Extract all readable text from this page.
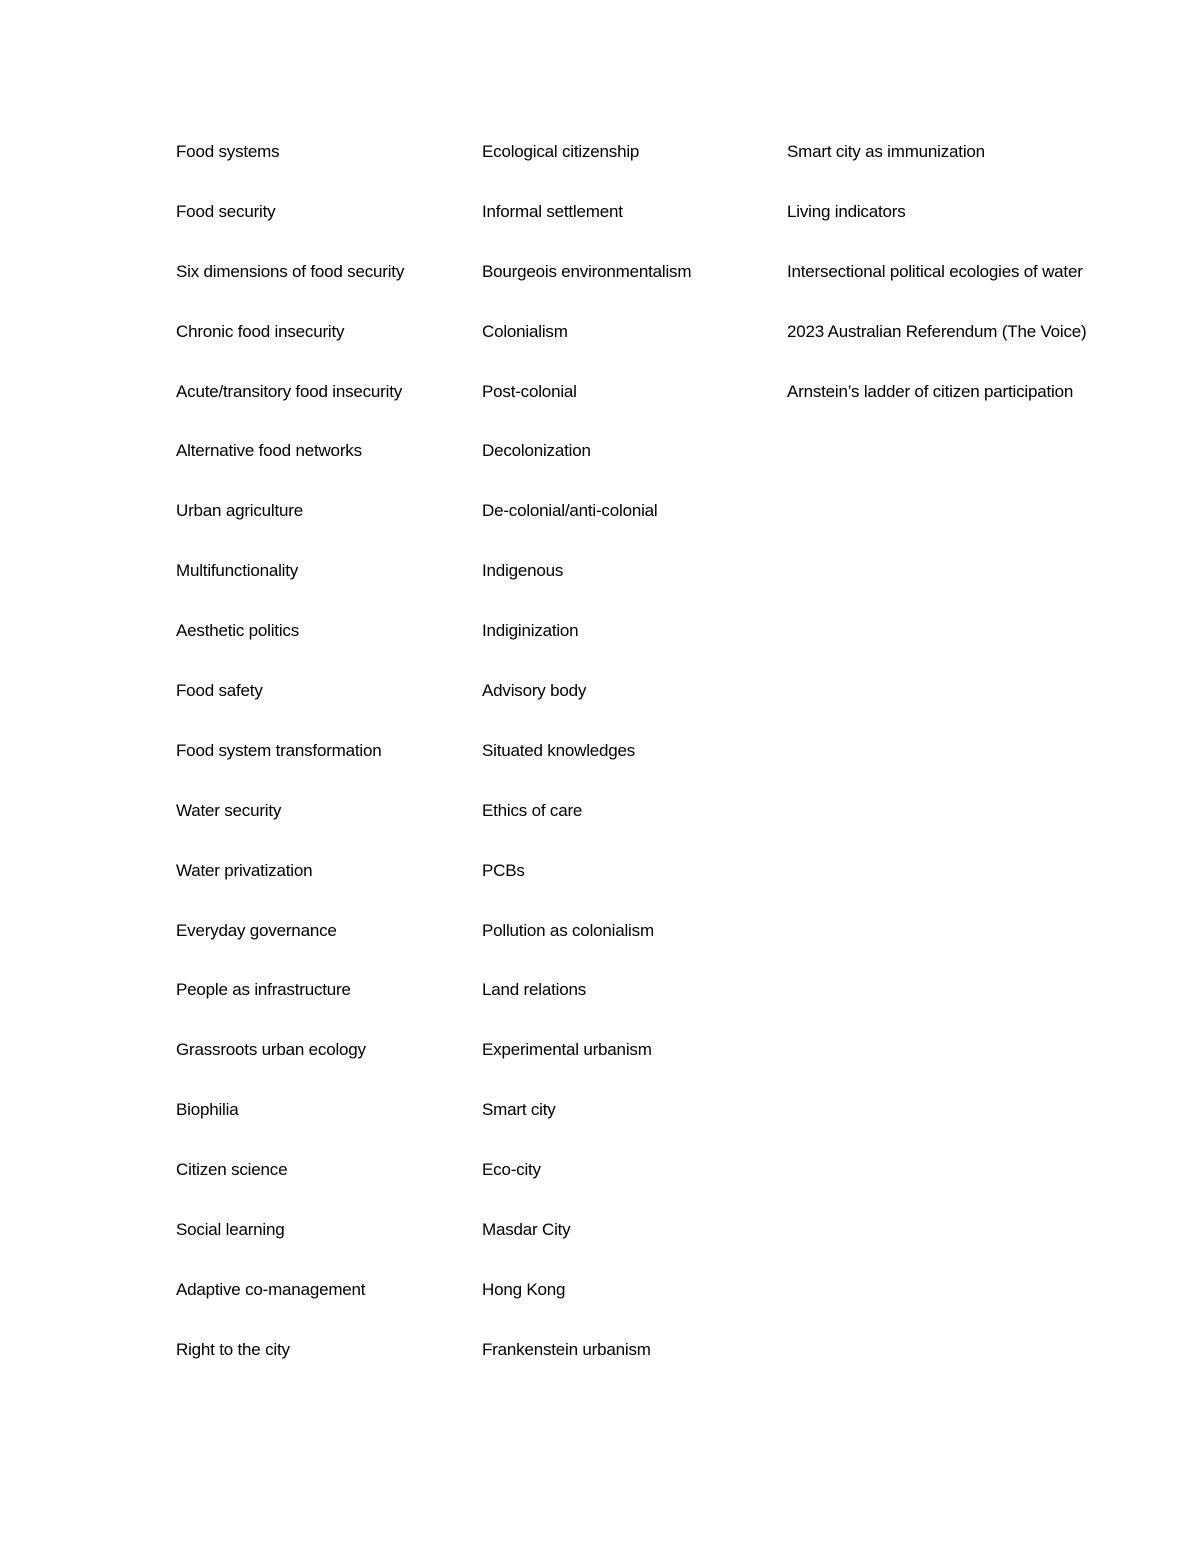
Food systems
Food security
Six dimensions of food security
Chronic food insecurity
Acute/transitory food insecurity
Alternative food networks
Urban agriculture
Multifunctionality
Aesthetic politics
Food safety
Food system transformation
Water security
Water privatization
Everyday governance
People as infrastructure
Grassroots urban ecology
Biophilia
Citizen science
Social learning
Adaptive co-management
Right to the city
Ecological citizenship
Informal settlement
Bourgeois environmentalism
Colonialism
Post-colonial
Decolonization
De-colonial/anti-colonial
Indigenous
Indiginization
Advisory body
Situated knowledges
Ethics of care
PCBs
Pollution as colonialism
Land relations
Experimental urbanism
Smart city
Eco-city
Masdar City
Hong Kong
Frankenstein urbanism
Smart city as immunization
Living indicators
Intersectional political ecologies of water
2023 Australian Referendum (The Voice)
Arnstein’s ladder of citizen participation
